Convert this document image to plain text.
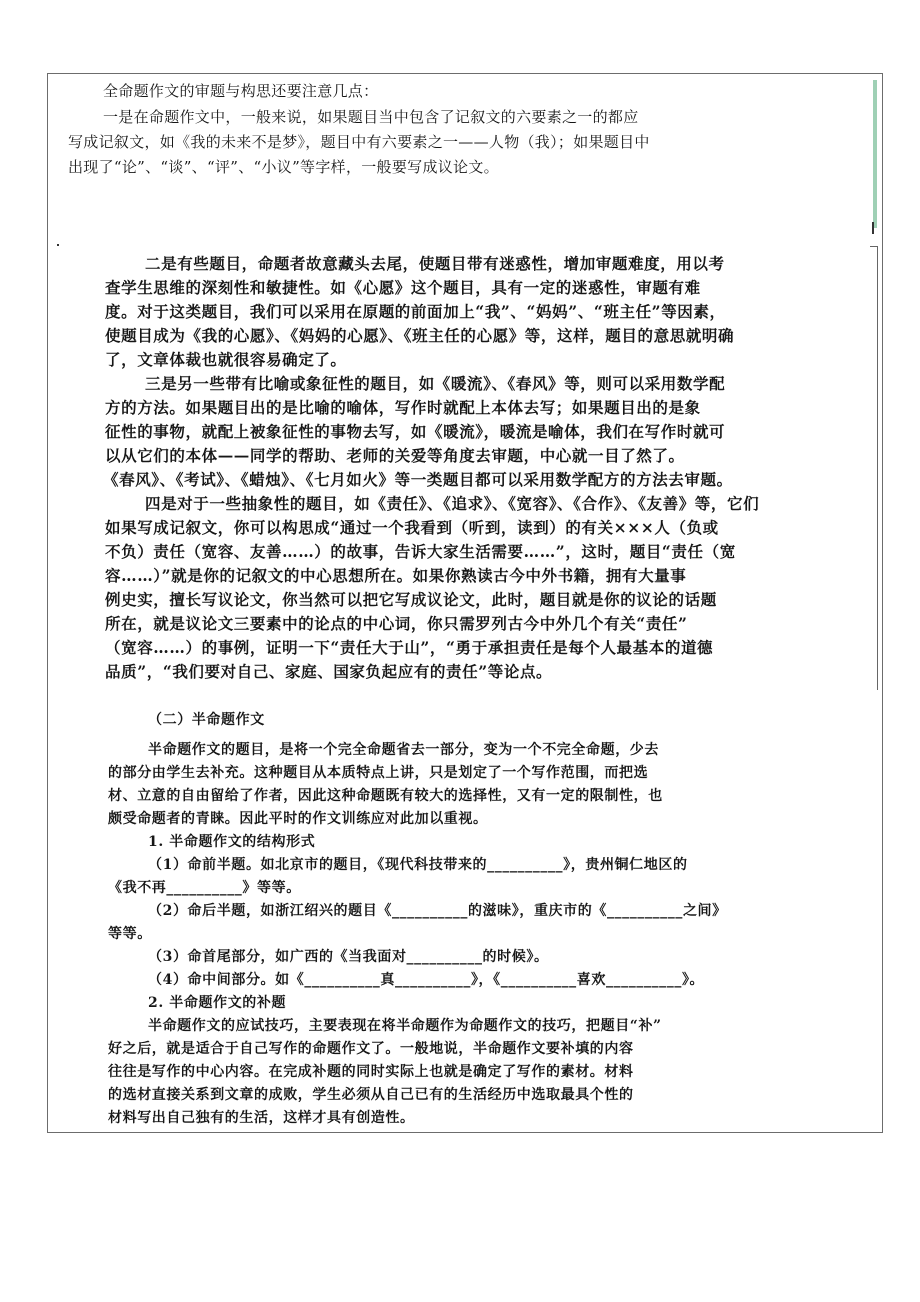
全命题作文的审题与构思还要注意几点：

一是在命题作文中，一般来说，如果题目当中包含了记叙文的六要素之一的都应

写成记叙文，如《我的未来不是梦》，题目中有六要素之一——人物（我）；如果题目中

出现了“论”、“谈”、“评”、“小议”等字样，一般要写成议论文。

二是有些题目，命题者故意藏头去尾，使题目带有迷惑性，增加审题难度，用以考

查学生思维的深刻性和敏捷性。如《心愿》这个题目，具有一定的迷惑性，审题有难

度。对于这类题目，我们可以采用在原题的前面加上“我”、“妈妈”、“班主任”等因素，

使题目成为《我的心愿》、《妈妈的心愿》、《班主任的心愿》等，这样，题目的意思就明确

了，文章体裁也就很容易确定了。

三是另一些带有比喻或象征性的题目，如《暖流》、《春风》等，则可以采用数学配

方的方法。如果题目出的是比喻的喻体，写作时就配上本体去写；如果题目出的是象

征性的事物，就配上被象征性的事物去写，如《暖流》，暖流是喻体，我们在写作时就可

以从它们的本体——同学的帮助、老师的关爱等角度去审题，中心就一目了然了。

《春风》、《考试》、《蜡烛》、《七月如火》等一类题目都可以采用数学配方的方法去审题。

四是对于一些抽象性的题目，如《责任》、《追求》、《宽容》、《合作》、《友善》等，它们

如果写成记叙文，你可以构思成“通过一个我看到（听到，读到）的有关×××人（负或

不负）责任（宽容、友善……）的故事，告诉大家生活需要……”，这时，题目“责任（宽

容……）”就是你的记叙文的中心思想所在。如果你熟读古今中外书籍，拥有大量事

例史实，擅长写议论文，你当然可以把它写成议论文，此时，题目就是你的议论的话题

所在，就是议论文三要素中的论点的中心词，你只需罗列古今中外几个有关“责任”

（宽容……）的事例，证明一下“责任大于山”，“勇于承担责任是每个人最基本的道德

品质”，“我们要对自己、家庭、国家负起应有的责任”等论点。

（二）半命题作文

半命题作文的题目，是将一个完全命题省去一部分，变为一个不完全命题，少去

的部分由学生去补充。这种题目从本质特点上讲，只是划定了一个写作范围，而把选

材、立意的自由留给了作者，因此这种命题既有较大的选择性，又有一定的限制性，也

颇受命题者的青睐。因此平时的作文训练应对此加以重视。

1. 半命题作文的结构形式

（1）命前半题。如北京市的题目，《现代科技带来的__________》，贵州铜仁地区的

《我不再__________》等等。

（2）命后半题，如浙江绍兴的题目《__________的滋味》，重庆市的《__________之间》

等等。

（3）命首尾部分，如广西的《当我面对__________的时候》。

（4）命中间部分。如《__________真__________》，《__________喜欢__________》。

2. 半命题作文的补题

半命题作文的应试技巧，主要表现在将半命题作为命题作文的技巧，把题目“补”

好之后，就是适合于自己写作的命题作文了。一般地说，半命题作文要补填的内容

往往是写作的中心内容。在完成补题的同时实际上也就是确定了写作的素材。材料

的选材直接关系到文章的成败，学生必须从自己已有的生活经历中选取最具个性的

材料写出自己独有的生活，这样才具有创造性。
